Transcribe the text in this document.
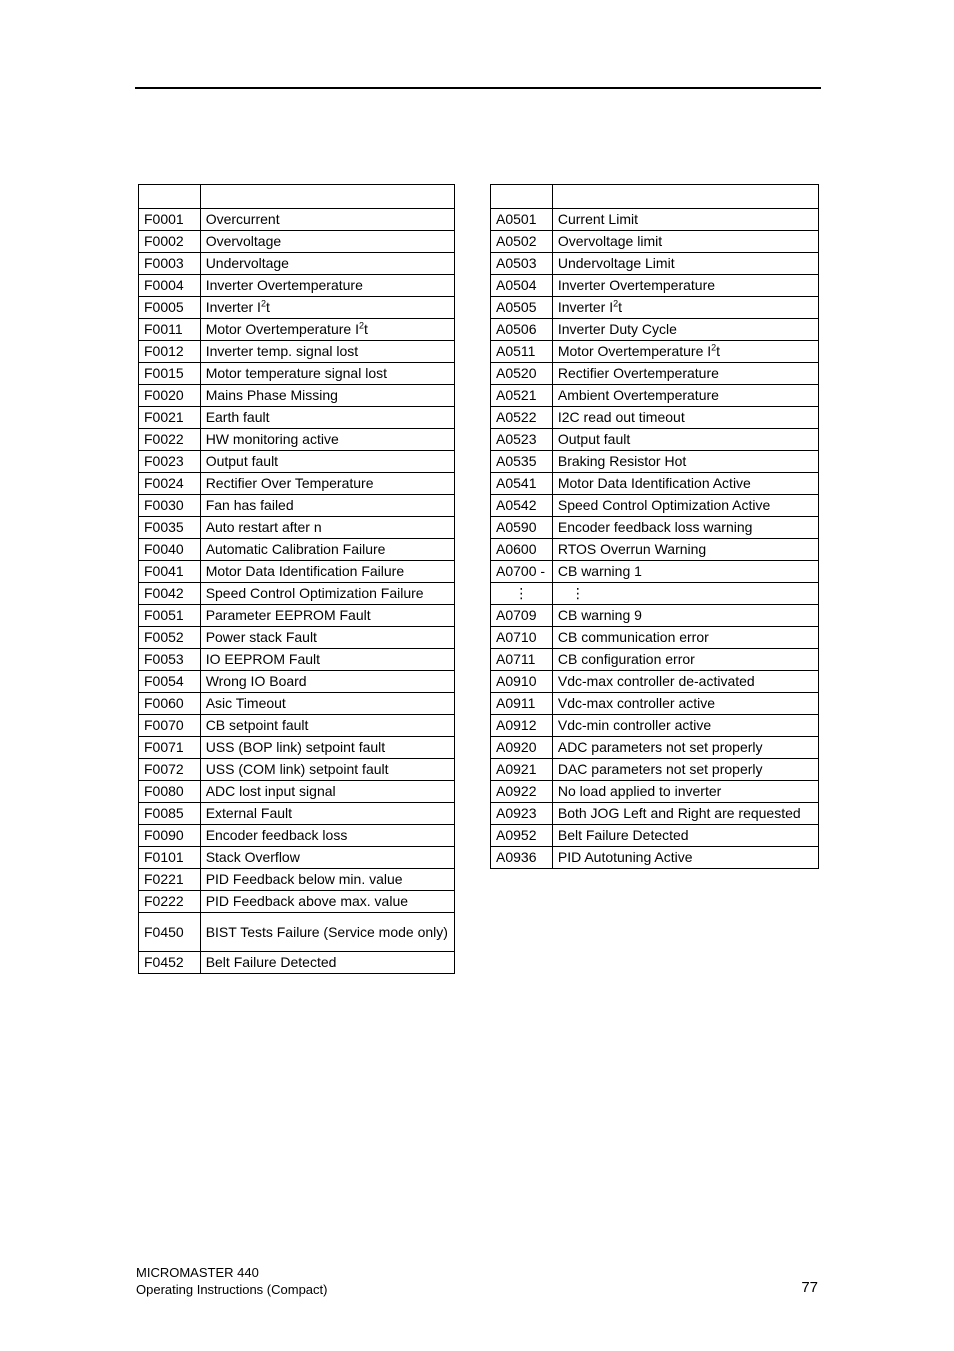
F0001	Overcurrent
F0002	Overvoltage
F0003	Undervoltage
F0004	Inverter Overtemperature
F0005	Inverter $I^2t$
F0011	Motor Overtemperature $I^2t$
F0012	Inverter temp. signal lost
F0015	Motor temperature signal lost
F0020	Mains Phase Missing
F0021	Earth fault
F0022	HW monitoring active
F0023	Output fault
F0024	Rectifier Over Temperature
F0030	Fan has failed
F0035	Auto restart after n
F0040	Automatic Calibration Failure
F0041	Motor Data Identification Failure
F0042	Speed Control Optimization Failure
F0051	Parameter EEPROM Fault
F0052	Power stack Fault
F0053	IO EEPROM Fault
F0054	Wrong IO Board
F0060	Asic Timeout
F0070	CB setpoint fault
F0071	USS (BOP link) setpoint fault
F0072	USS (COM link) setpoint fault
F0080	ADC lost input signal
F0085	External Fault
F0090	Encoder feedback loss
F0101	Stack Overflow
F0221	PID Feedback below min. value
F0222	PID Feedback above max. value
F0450	BIST Tests Failure (Service mode only)
F0452	Belt Failure Detected

A0501	Current Limit
A0502	Overvoltage limit
A0503	Undervoltage Limit
A0504	Inverter Overtemperature
A0505	Inverter $I^2t$
A0506	Inverter Duty Cycle
A0511	Motor Overtemperature $I^2t$
A0520	Rectifier Overtemperature
A0521	Ambient Overtemperature
A0522	I2C read out timeout
A0523	Output fault
A0535	Braking Resistor Hot
A0541	Motor Data Identification Active
A0542	Speed Control Optimization Active
A0590	Encoder feedback loss warning
A0600	RTOS Overrun Warning
A0700 -	CB warning 1
⋮	⋮
A0709	CB warning 9
A0710	CB communication error
A0711	CB configuration error
A0910	Vdc-max controller de-activated
A0911	Vdc-max controller active
A0912	Vdc-min controller active
A0920	ADC parameters not set properly
A0921	DAC parameters not set properly
A0922	No load applied to inverter
A0923	Both JOG Left and Right are requested
A0952	Belt Failure Detected
A0936	PID Autotuning Active
MICROMASTER 440
Operating Instructions (Compact)	77
